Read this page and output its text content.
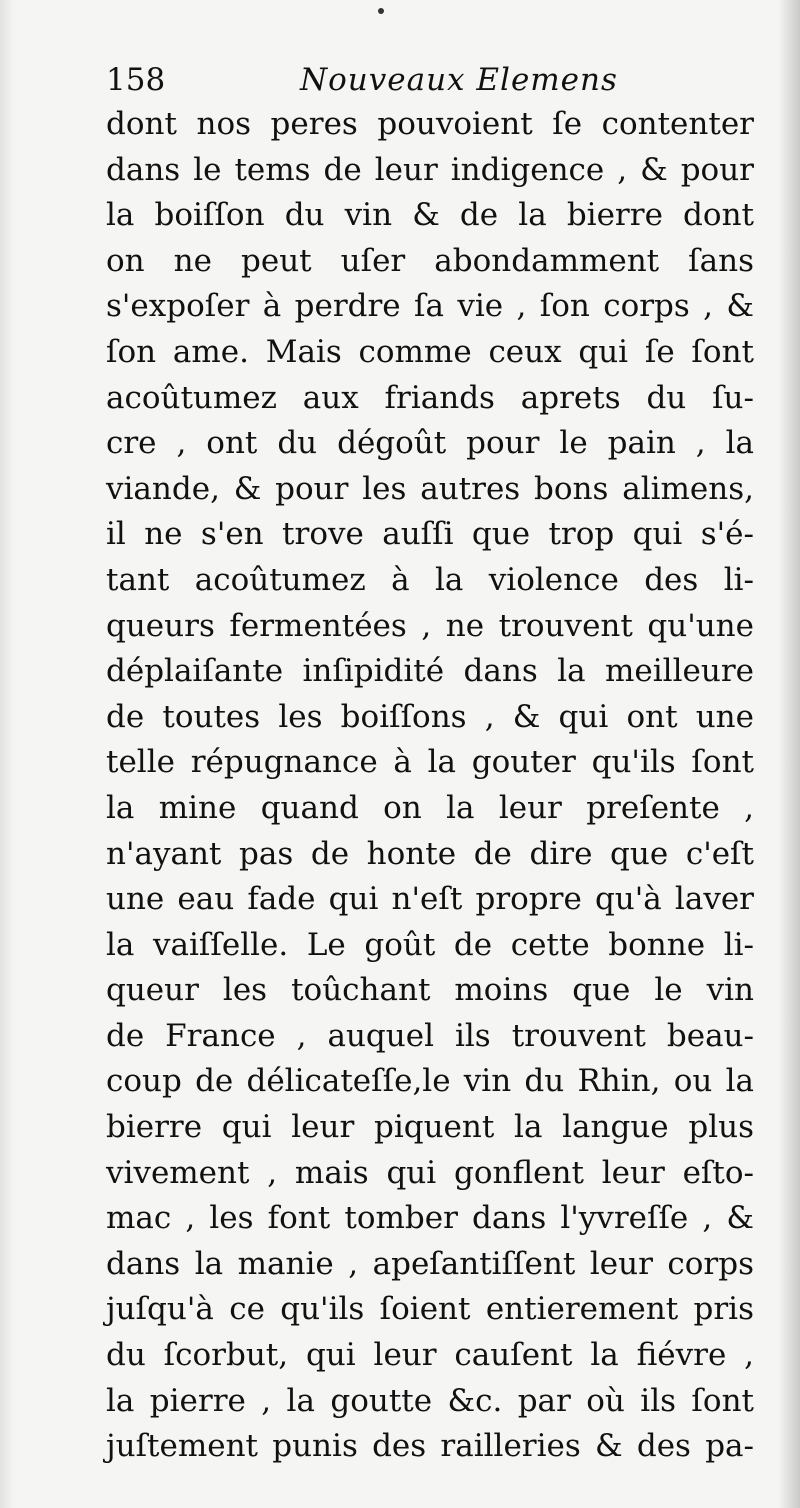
158	Nouveaux Elemens
dont nos peres pouvoient ſe contenter
dans le tems de leur indigence , & pour
la boiſſon du vin & de la bierre dont
on ne peut uſer abondamment ſans
s'expoſer à perdre ſa vie , ſon corps , &
ſon ame. Mais comme ceux qui ſe ſont
acoûtumez aux friands aprets du ſu-
cre , ont du dégoût pour le pain , la
viande, & pour les autres bons alimens,
il ne s'en trove auſſi que trop qui s'é-
tant acoûtumez à la violence des li-
queurs fermentées , ne trouvent qu'une
déplaiſante inſipidité dans la meilleure
de toutes les boiſſons , & qui ont une
telle répugnance à la gouter qu'ils ſont
la mine quand on la leur preſente ,
n'ayant pas de honte de dire que c'eſt
une eau fade qui n'eſt propre qu'à laver
la vaiſſelle. Le goût de cette bonne li-
queur les toûchant moins que le vin
de France , auquel ils trouvent beau-
coup de délicateſſe,le vin du Rhin, ou la
bierre qui leur piquent la langue plus
vivement , mais qui gonflent leur eſto-
mac , les font tomber dans l'yvreſſe , &
dans la manie , apeſantiſſent leur corps
juſqu'à ce qu'ils ſoient entierement pris
du ſcorbut, qui leur cauſent la fiévre ,
la pierre , la goutte &c. par où ils ſont
juſtement punis des railleries & des pa-
